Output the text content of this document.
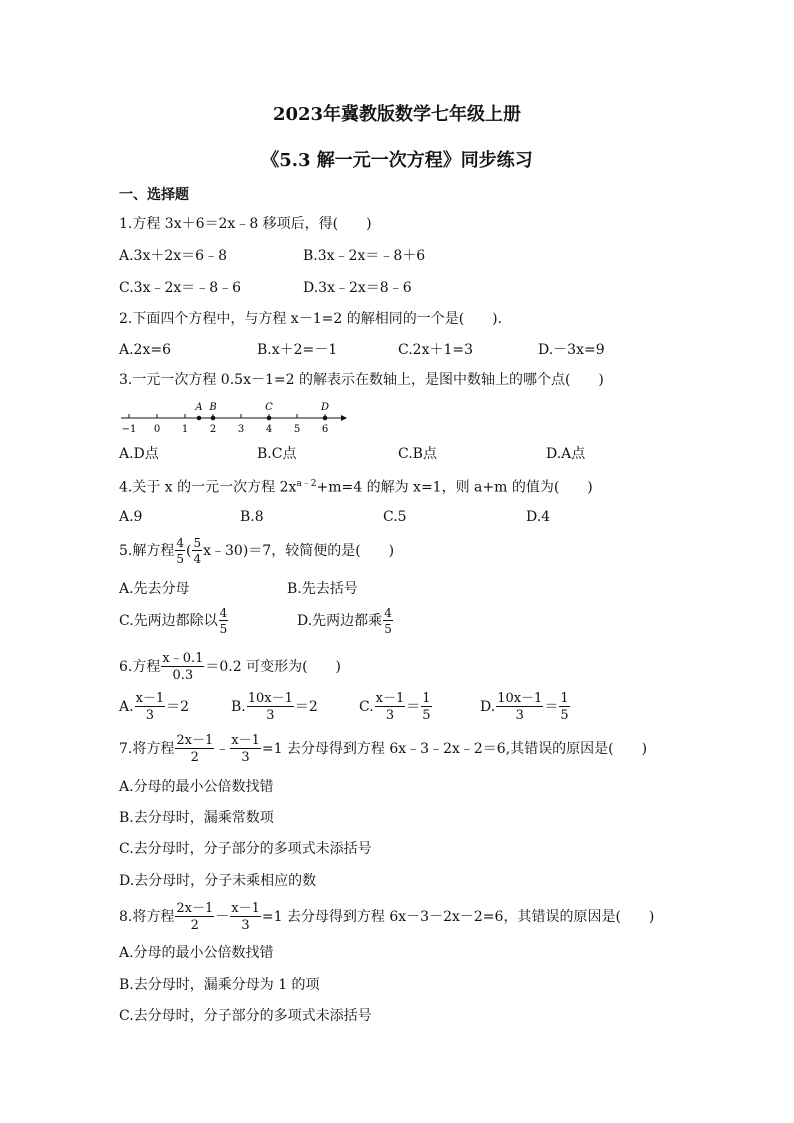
2023年冀教版数学七年级上册
《5.3 解一元一次方程》同步练习
一、选择题
1.方程 3x＋6＝2x﹣8 移项后，得(　　)
A.3x＋2x＝6﹣8	B.3x﹣2x＝﹣8＋6
C.3x﹣2x＝﹣8﹣6	D.3x﹣2x＝8﹣6
2.下面四个方程中，与方程 x－1=2 的解相同的一个是(　　).
A.2x=6	B.x＋2=－1	C.2x＋1=3	D.－3x=9
3.一元一次方程 0.5x－1=2 的解表示在数轴上，是图中数轴上的哪个点(　　)
−1 0 1 2 3 4 5 6
A B	C	D
A.D点	B.C点	C.B点	D.A点
4.关于 x 的一元一次方程 $2x^{a﹣2}+m=4$ 的解为 x=1，则 a+m 的值为(　　)
A.9	B.8	C.5	D.4
5.解方程 $\frac{4}{5}$ ( $\frac{5}{4}$ x﹣30)＝7，较简便的是(　　)
A.先去分母	B.先去括号
C.先两边都除以 $\frac{4}{5}$	D.先两边都乘 $\frac{4}{5}$
6.方程 $\frac{x﹣0.1}{0.3} =0.2$ 可变形为(　　)
A. $\frac{x-1}{3} =2$	B. $\frac{10x-1}{3} =2$	C. $\frac{x-1}{3} = \frac{1}{5}$	D. $\frac{10x-1}{3} = \frac{1}{5}$
7.将方程 $\frac{2x-1}{2}$ ﹣ $\frac{x-1}{3} =1$ 去分母得到方程 6x﹣3﹣2x﹣2＝6,其错误的原因是(　　)
A.分母的最小公倍数找错
B.去分母时，漏乘常数项
C.去分母时，分子部分的多项式未添括号
D.去分母时，分子未乘相应的数
8.将方程 $\frac{2x-1}{2} - \frac{x-1}{3} =1$ 去分母得到方程 6x－3－2x－2=6，其错误的原因是(　　)
A.分母的最小公倍数找错
B.去分母时，漏乘分母为 1 的项
C.去分母时，分子部分的多项式未添括号
